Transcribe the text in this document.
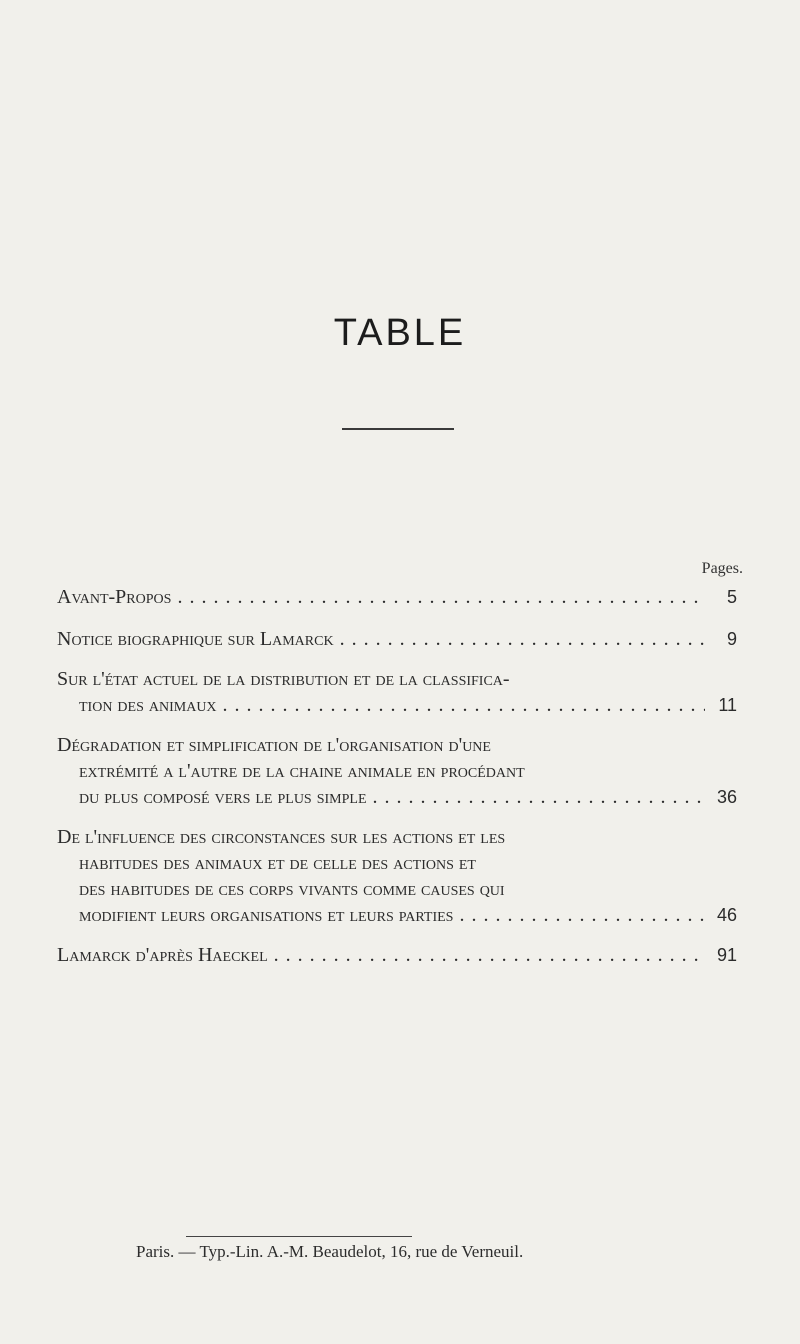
TABLE
Pages.
Avant-Propos . . .	5
Notice biographique sur Lamarck . . .	9
Sur l'état actuel de la distribution et de la classifica-
tion des animaux . . .	11
Dégradation et simplification de l'organisation d'une
extrémité a l'autre de la chaine animale en procédant
du plus composé vers le plus simple . . .	36
De l'influence des circonstances sur les actions et les
habitudes des animaux et de celle des actions et
des habitudes de ces corps vivants comme causes qui
modifient leurs organisations et leurs parties . . .	46
Lamarck d'après Haeckel . . .	91
Paris. — Typ.-Lin. A.-M. Beaudelot, 16, rue de Verneuil.
